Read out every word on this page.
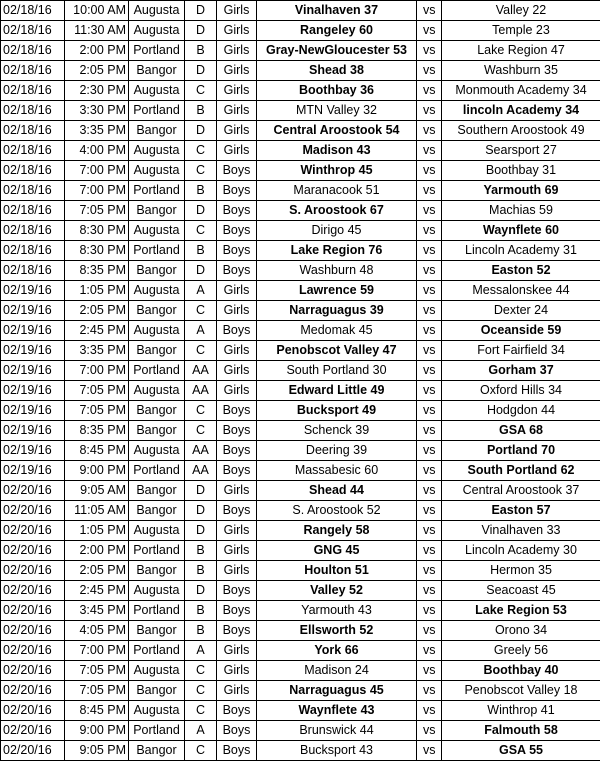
02/18/16	10:00 AM	Augusta	D	Girls	Vinalhaven 37	vs	Valley 22
02/18/16	11:30 AM	Augusta	D	Girls	Rangeley 60	vs	Temple 23
02/18/16	2:00 PM	Portland	B	Girls	Gray-NewGloucester 53	vs	Lake Region 47
02/18/16	2:05 PM	Bangor	D	Girls	Shead 38	vs	Washburn 35
02/18/16	2:30 PM	Augusta	C	Girls	Boothbay 36	vs	Monmouth Academy 34
02/18/16	3:30 PM	Portland	B	Girls	MTN Valley 32	vs	lincoln Academy 34
02/18/16	3:35 PM	Bangor	D	Girls	Central Aroostook 54	vs	Southern Aroostook 49
02/18/16	4:00 PM	Augusta	C	Girls	Madison 43	vs	Searsport 27
02/18/16	7:00 PM	Augusta	C	Boys	Winthrop 45	vs	Boothbay 31
02/18/16	7:00 PM	Portland	B	Boys	Maranacook 51	vs	Yarmouth 69
02/18/16	7:05 PM	Bangor	D	Boys	S. Aroostook 67	vs	Machias 59
02/18/16	8:30 PM	Augusta	C	Boys	Dirigo 45	vs	Waynflete 60
02/18/16	8:30 PM	Portland	B	Boys	Lake Region 76	vs	Lincoln Academy 31
02/18/16	8:35 PM	Bangor	D	Boys	Washburn 48	vs	Easton 52
02/19/16	1:05 PM	Augusta	A	Girls	Lawrence 59	vs	Messalonskee 44
02/19/16	2:05 PM	Bangor	C	Girls	Narraguagus 39	vs	Dexter 24
02/19/16	2:45 PM	Augusta	A	Boys	Medomak 45	vs	Oceanside 59
02/19/16	3:35 PM	Bangor	C	Girls	Penobscot Valley 47	vs	Fort Fairfield 34
02/19/16	7:00 PM	Portland	AA	Girls	South Portland 30	vs	Gorham 37
02/19/16	7:05 PM	Augusta	AA	Girls	Edward Little 49	vs	Oxford Hills 34
02/19/16	7:05 PM	Bangor	C	Boys	Bucksport 49	vs	Hodgdon 44
02/19/16	8:35 PM	Bangor	C	Boys	Schenck 39	vs	GSA 68
02/19/16	8:45 PM	Augusta	AA	Boys	Deering 39	vs	Portland 70
02/19/16	9:00 PM	Portland	AA	Boys	Massabesic 60	vs	South Portland 62
02/20/16	9:05 AM	Bangor	D	Girls	Shead 44	vs	Central Aroostook 37
02/20/16	11:05 AM	Bangor	D	Boys	S. Aroostook 52	vs	Easton 57
02/20/16	1:05 PM	Augusta	D	Girls	Rangely 58	vs	Vinalhaven 33
02/20/16	2:00 PM	Portland	B	Girls	GNG 45	vs	Lincoln Academy 30
02/20/16	2:05 PM	Bangor	B	Girls	Houlton 51	vs	Hermon 35
02/20/16	2:45 PM	Augusta	D	Boys	Valley 52	vs	Seacoast 45
02/20/16	3:45 PM	Portland	B	Boys	Yarmouth 43	vs	Lake Region 53
02/20/16	4:05 PM	Bangor	B	Boys	Ellsworth 52	vs	Orono 34
02/20/16	7:00 PM	Portland	A	Girls	York 66	vs	Greely 56
02/20/16	7:05 PM	Augusta	C	Girls	Madison 24	vs	Boothbay 40
02/20/16	7:05 PM	Bangor	C	Girls	Narraguagus 45	vs	Penobscot Valley 18
02/20/16	8:45 PM	Augusta	C	Boys	Waynflete 43	vs	Winthrop 41
02/20/16	9:00 PM	Portland	A	Boys	Brunswick 44	vs	Falmouth 58
02/20/16	9:05 PM	Bangor	C	Boys	Bucksport 43	vs	GSA 55
